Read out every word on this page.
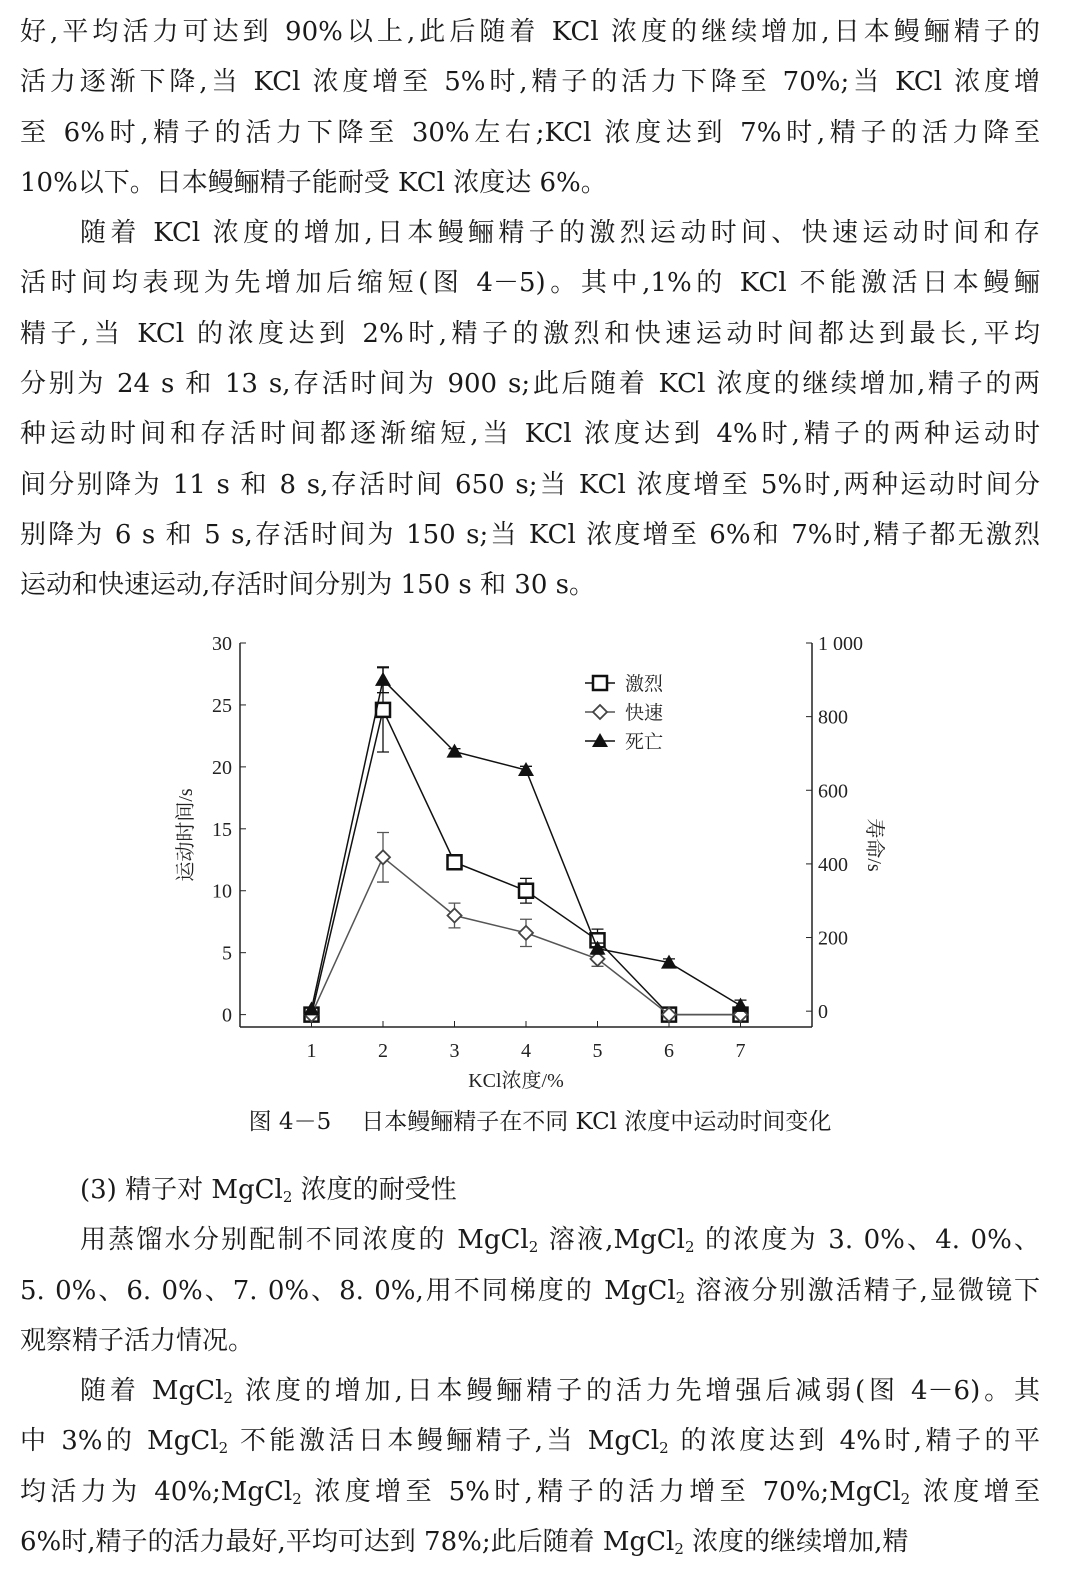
好,平均活力可达到 90%以上,此后随着 KCl 浓度的继续增加,日本鳗鲡精子的
活力逐渐下降,当 KCl 浓度增至 5%时,精子的活力下降至 70%;当 KCl 浓度增
至 6%时,精子的活力下降至 30%左右;KCl 浓度达到 7%时,精子的活力降至
10%以下。日本鳗鲡精子能耐受 KCl 浓度达 6%。
随着 KCl 浓度的增加,日本鳗鲡精子的激烈运动时间、快速运动时间和存
活时间均表现为先增加后缩短(图 4－5)。其中,1%的 KCl 不能激活日本鳗鲡
精子,当 KCl 的浓度达到 2%时,精子的激烈和快速运动时间都达到最长,平均
分别为 24 s 和 13 s,存活时间为 900 s;此后随着 KCl 浓度的继续增加,精子的两
种运动时间和存活时间都逐渐缩短,当 KCl 浓度达到 4%时,精子的两种运动时
间分别降为 11 s 和 8 s,存活时间 650 s;当 KCl 浓度增至 5%时,两种运动时间分
别降为 6 s 和 5 s,存活时间为 150 s;当 KCl 浓度增至 6%和 7%时,精子都无激烈
运动和快速运动,存活时间分别为 150 s 和 30 s。
0
5
10
15
20
25
30
0
200
400
600
800
1 000
1	2	3	4	5	6	7
KCl浓度/%
运动时间/s	寿命/s
激烈
快速
死亡
图 4－5 日本鳗鲡精子在不同 KCl 浓度中运动时间变化
(3) 精子对 MgCl$_2$ 浓度的耐受性
用蒸馏水分别配制不同浓度的 MgCl$_2$ 溶液,MgCl$_2$ 的浓度为 3. 0%、4. 0%、
5. 0%、6. 0%、7. 0%、8. 0%,用不同梯度的 MgCl$_2$ 溶液分别激活精子,显微镜下
观察精子活力情况。
随着 MgCl$_2$ 浓度的增加,日本鳗鲡精子的活力先增强后减弱(图 4－6)。其
中 3%的 MgCl$_2$ 不能激活日本鳗鲡精子,当 MgCl$_2$ 的浓度达到 4%时,精子的平
均活力为 40%;MgCl$_2$ 浓度增至 5%时,精子的活力增至 70%;MgCl$_2$ 浓度增至
6%时,精子的活力最好,平均可达到 78%;此后随着 MgCl$_2$ 浓度的继续增加,精
